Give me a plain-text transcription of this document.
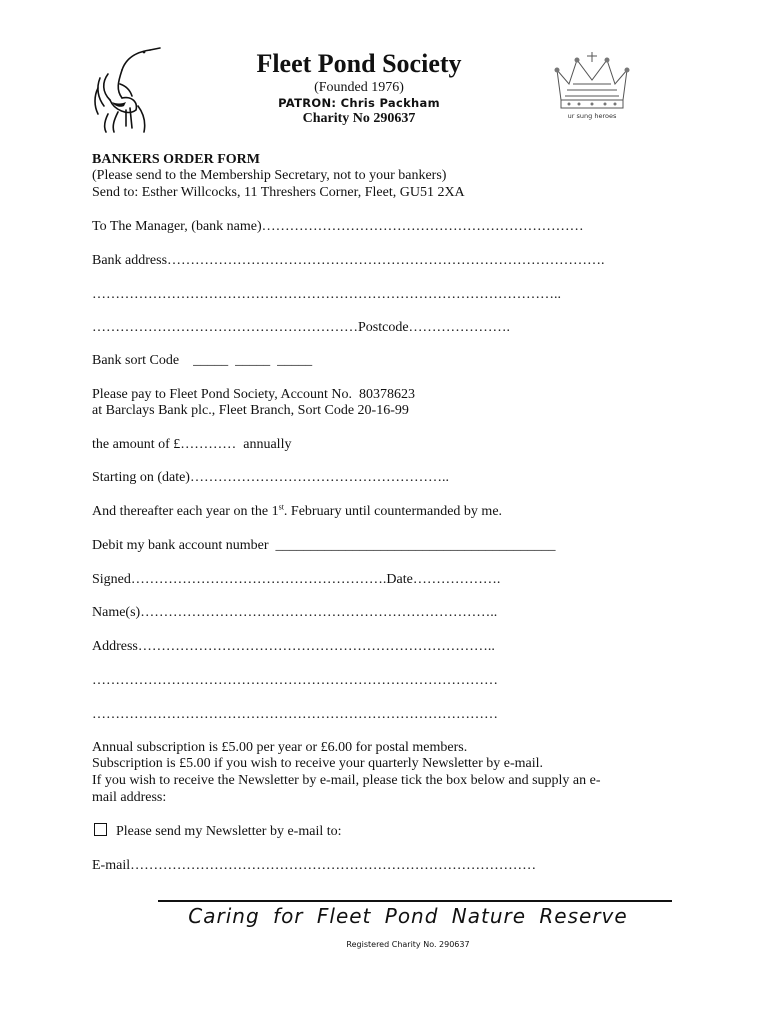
ur sung heroes
Fleet Pond Society
(Founded 1976)
PATRON: Chris Packham
Charity No 290637
BANKERS ORDER FORM
(Please send to the Membership Secretary, not to your bankers)
Send to: Esther Willcocks, 11 Threshers Corner, Fleet, GU51 2XA
To The Manager, (bank name)……………………………………………………………
Bank address………………………………………………………………………………….
………………………………………………………………………………………..
…………………………………………………Postcode………………….
Bank sort Code    _____  _____  _____
Please pay to Fleet Pond Society, Account No.  80378623
at Barclays Bank plc., Fleet Branch, Sort Code 20-16-99
the amount of £…………  annually
Starting on (date)………………………………………………..
And thereafter each year on the 1st. February until countermanded by me.
Debit my bank account number  ________________________________________
Signed……………………………………………….Date……………….
Name(s)…………………………………………………………………..
Address…………………………………………………………………..
……………………………………………………………………………
……………………………………………………………………………
Annual subscription is £5.00 per year or £6.00 for postal members.
Subscription is £5.00 if you wish to receive your quarterly Newsletter by e-mail.
If you wish to receive the Newsletter by e-mail, please tick the box below and supply an e-
mail address:
Please send my Newsletter by e-mail to:
E-mail……………………………………………………………………………
Caring for Fleet Pond Nature Reserve
Registered Charity No. 290637
